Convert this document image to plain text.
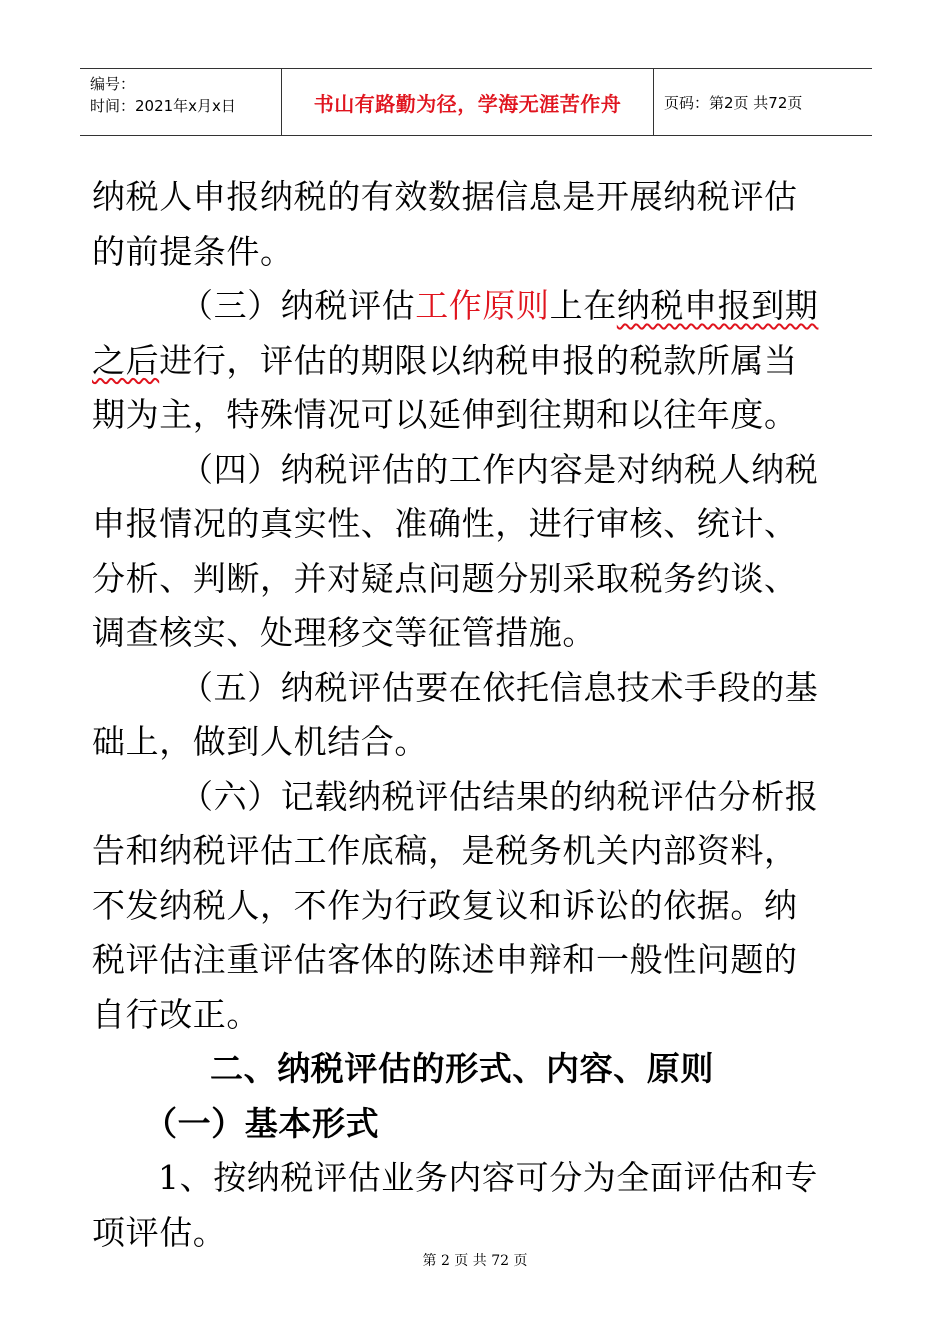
编号：
时间：2021年x月x日	书山有路勤为径，学海无涯苦作舟	页码：第2页 共72页
纳税人申报纳税的有效数据信息是开展纳税评估
的前提条件。
（三）纳税评估工作原则上在纳税申报到期
之后进行，评估的期限以纳税申报的税款所属当
期为主，特殊情况可以延伸到往期和以往年度。
（四）纳税评估的工作内容是对纳税人纳税
申报情况的真实性、准确性，进行审核、统计、
分析、判断，并对疑点问题分别采取税务约谈、
调查核实、处理移交等征管措施。
（五）纳税评估要在依托信息技术手段的基
础上，做到人机结合。
（六）记载纳税评估结果的纳税评估分析报
告和纳税评估工作底稿，是税务机关内部资料，
不发纳税人，不作为行政复议和诉讼的依据。纳
税评估注重评估客体的陈述申辩和一般性问题的
自行改正。
二、纳税评估的形式、内容、原则
（一）基本形式
1、按纳税评估业务内容可分为全面评估和专
项评估。
第 2 页 共 72 页
